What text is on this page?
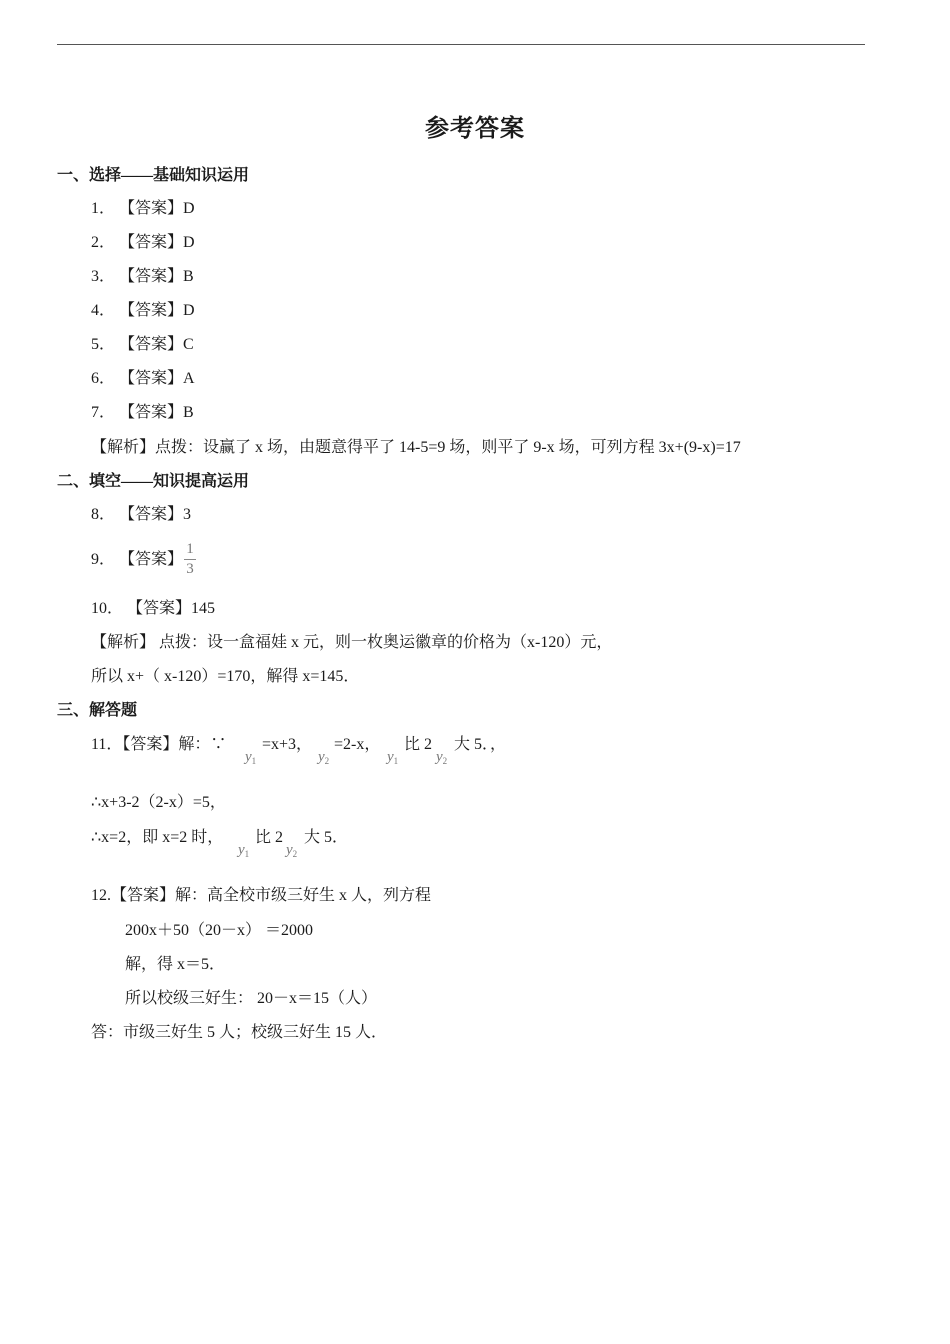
参考答案
一、选择——基础知识运用
1． 【答案】D
2． 【答案】D
3． 【答案】B
4． 【答案】D
5． 【答案】C
6． 【答案】A
7． 【答案】B
【解析】点拨：设赢了 x 场，由题意得平了 14-5=9 场，则平了 9-x 场，可列方程 3x+(9-x)=17
二、填空——知识提高运用
8． 【答案】3
9． 【答案】
1
3
10． 【答案】145
【解析】 点拨：设一盒福娃 x 元，则一枚奥运徽章的价格为（x-120）元，
所以 x+（ x-120）=170，解得 x=145．
三、解答题
11．【答案】解：∵
$y_1$
=x+3，
$y_2$
=2-x，
$y_1$
比 2
$y_2$
大 5．，
∴x+3-2（2-x）=5，
∴x=2，即 x=2 时，
$y_1$
比 2
$y_2$
大 5．
12.【答案】解：高全校市级三好生 x 人，列方程
200x＋50（20－x） ＝2000
解，得 x＝5．
所以校级三好生： 20－x＝15（人）
答：市级三好生 5 人；校级三好生 15 人．
